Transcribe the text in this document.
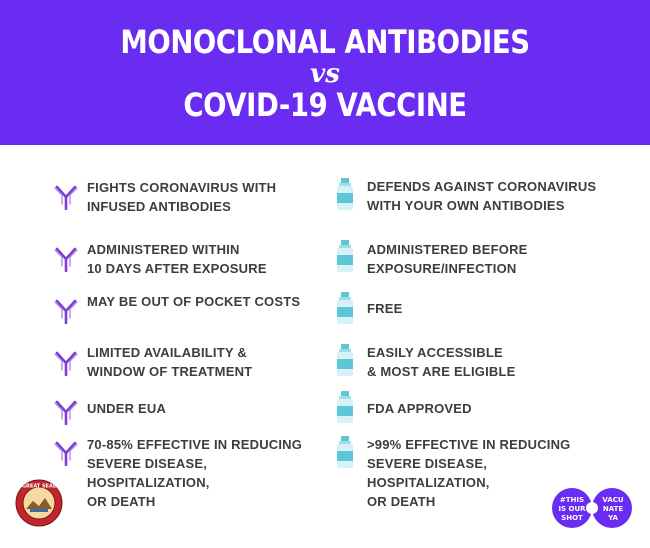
MONOCLONAL ANTIBODIES
vs
COVID-19 VACCINE
FIGHTS CORONAVIRUS WITH
INFUSED ANTIBODIES
DEFENDS AGAINST CORONAVIRUS
WITH YOUR OWN ANTIBODIES
ADMINISTERED WITHIN
10 DAYS AFTER EXPOSURE
ADMINISTERED BEFORE
EXPOSURE/INFECTION
MAY BE OUT OF POCKET COSTS	FREE
LIMITED AVAILABILITY &
WINDOW OF TREATMENT
EASILY ACCESSIBLE
& MOST ARE ELIGIBLE
UNDER EUA	FDA APPROVED
70-85% EFFECTIVE IN REDUCING
SEVERE DISEASE,
HOSPITALIZATION,
OR DEATH
>99% EFFECTIVE IN REDUCING
SEVERE DISEASE,
HOSPITALIZATION,
OR DEATH
GREAT SEAL
#THIS
IS OUR
SHOT
VACU
NATE
YA
